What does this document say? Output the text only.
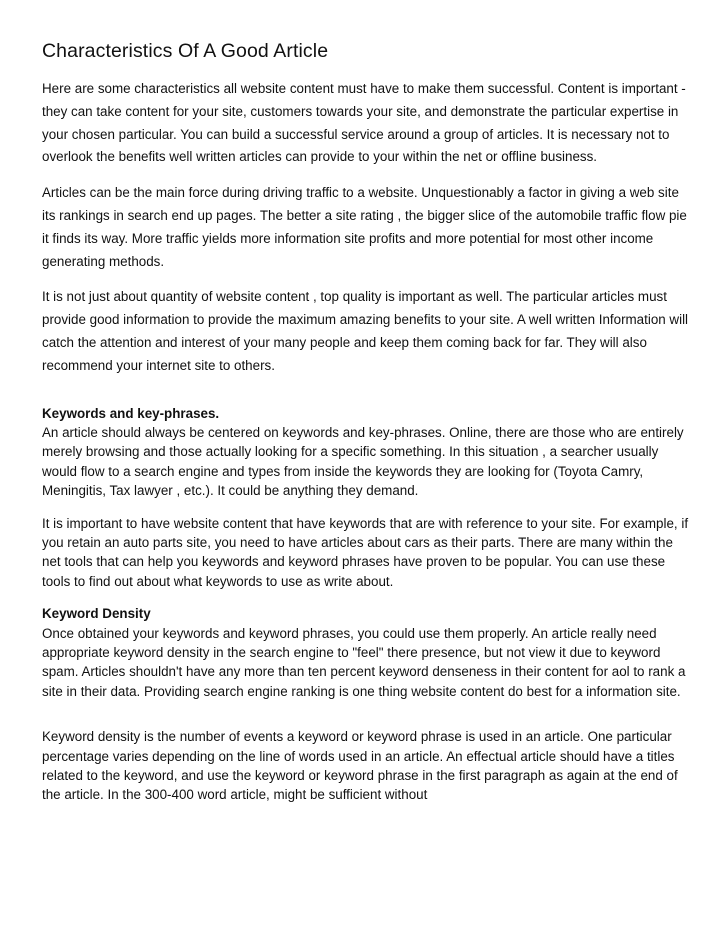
Characteristics Of A Good Article

Here are some characteristics all website content must have to make them successful. Content is important - they can take content for your site, customers towards your site, and demonstrate the particular expertise in your chosen particular. You can build a successful service around a group of articles. It is necessary not to overlook the benefits well written articles can provide to your within the net or offline business.

Articles can be the main force during driving traffic to a website. Unquestionably a factor in giving a web site its rankings in search end up pages. The better a site rating , the bigger slice of the automobile traffic flow pie it finds its way. More traffic yields more information site profits and more potential for most other income generating methods.

It is not just about quantity of website content , top quality is important as well. The particular articles must provide good information to provide the maximum amazing benefits to your site. A well written Information will catch the attention and interest of your many people and keep them coming back for far. They will also recommend your internet site to others.

Keywords and key-phrases.
An article should always be centered on keywords and key-phrases. Online, there are those who are entirely merely browsing and those actually looking for a specific something. In this situation , a searcher usually would flow to a search engine and types from inside the keywords they are looking for (Toyota Camry, Meningitis, Tax lawyer , etc.). It could be anything they demand.

It is important to have website content that have keywords that are with reference to your site. For example, if you retain an auto parts site, you need to have articles about cars as their parts. There are many within the net tools that can help you keywords and keyword phrases have proven to be popular. You can use these tools to find out about what keywords to use as write about.

Keyword Density
Once obtained your keywords and keyword phrases, you could use them properly. An article really need appropriate keyword density in the search engine to "feel" there presence, but not view it due to keyword spam. Articles shouldn't have any more than ten percent keyword denseness in their content for aol to rank a site in their data. Providing search engine ranking is one thing website content do best for a information site.

Keyword density is the number of events a keyword or keyword phrase is used in an article. One particular percentage varies depending on the line of words used in an article. An effectual article should have a titles related to the keyword, and use the keyword or keyword phrase in the first paragraph as again at the end of the article. In the 300-400 word article, might be sufficient without
